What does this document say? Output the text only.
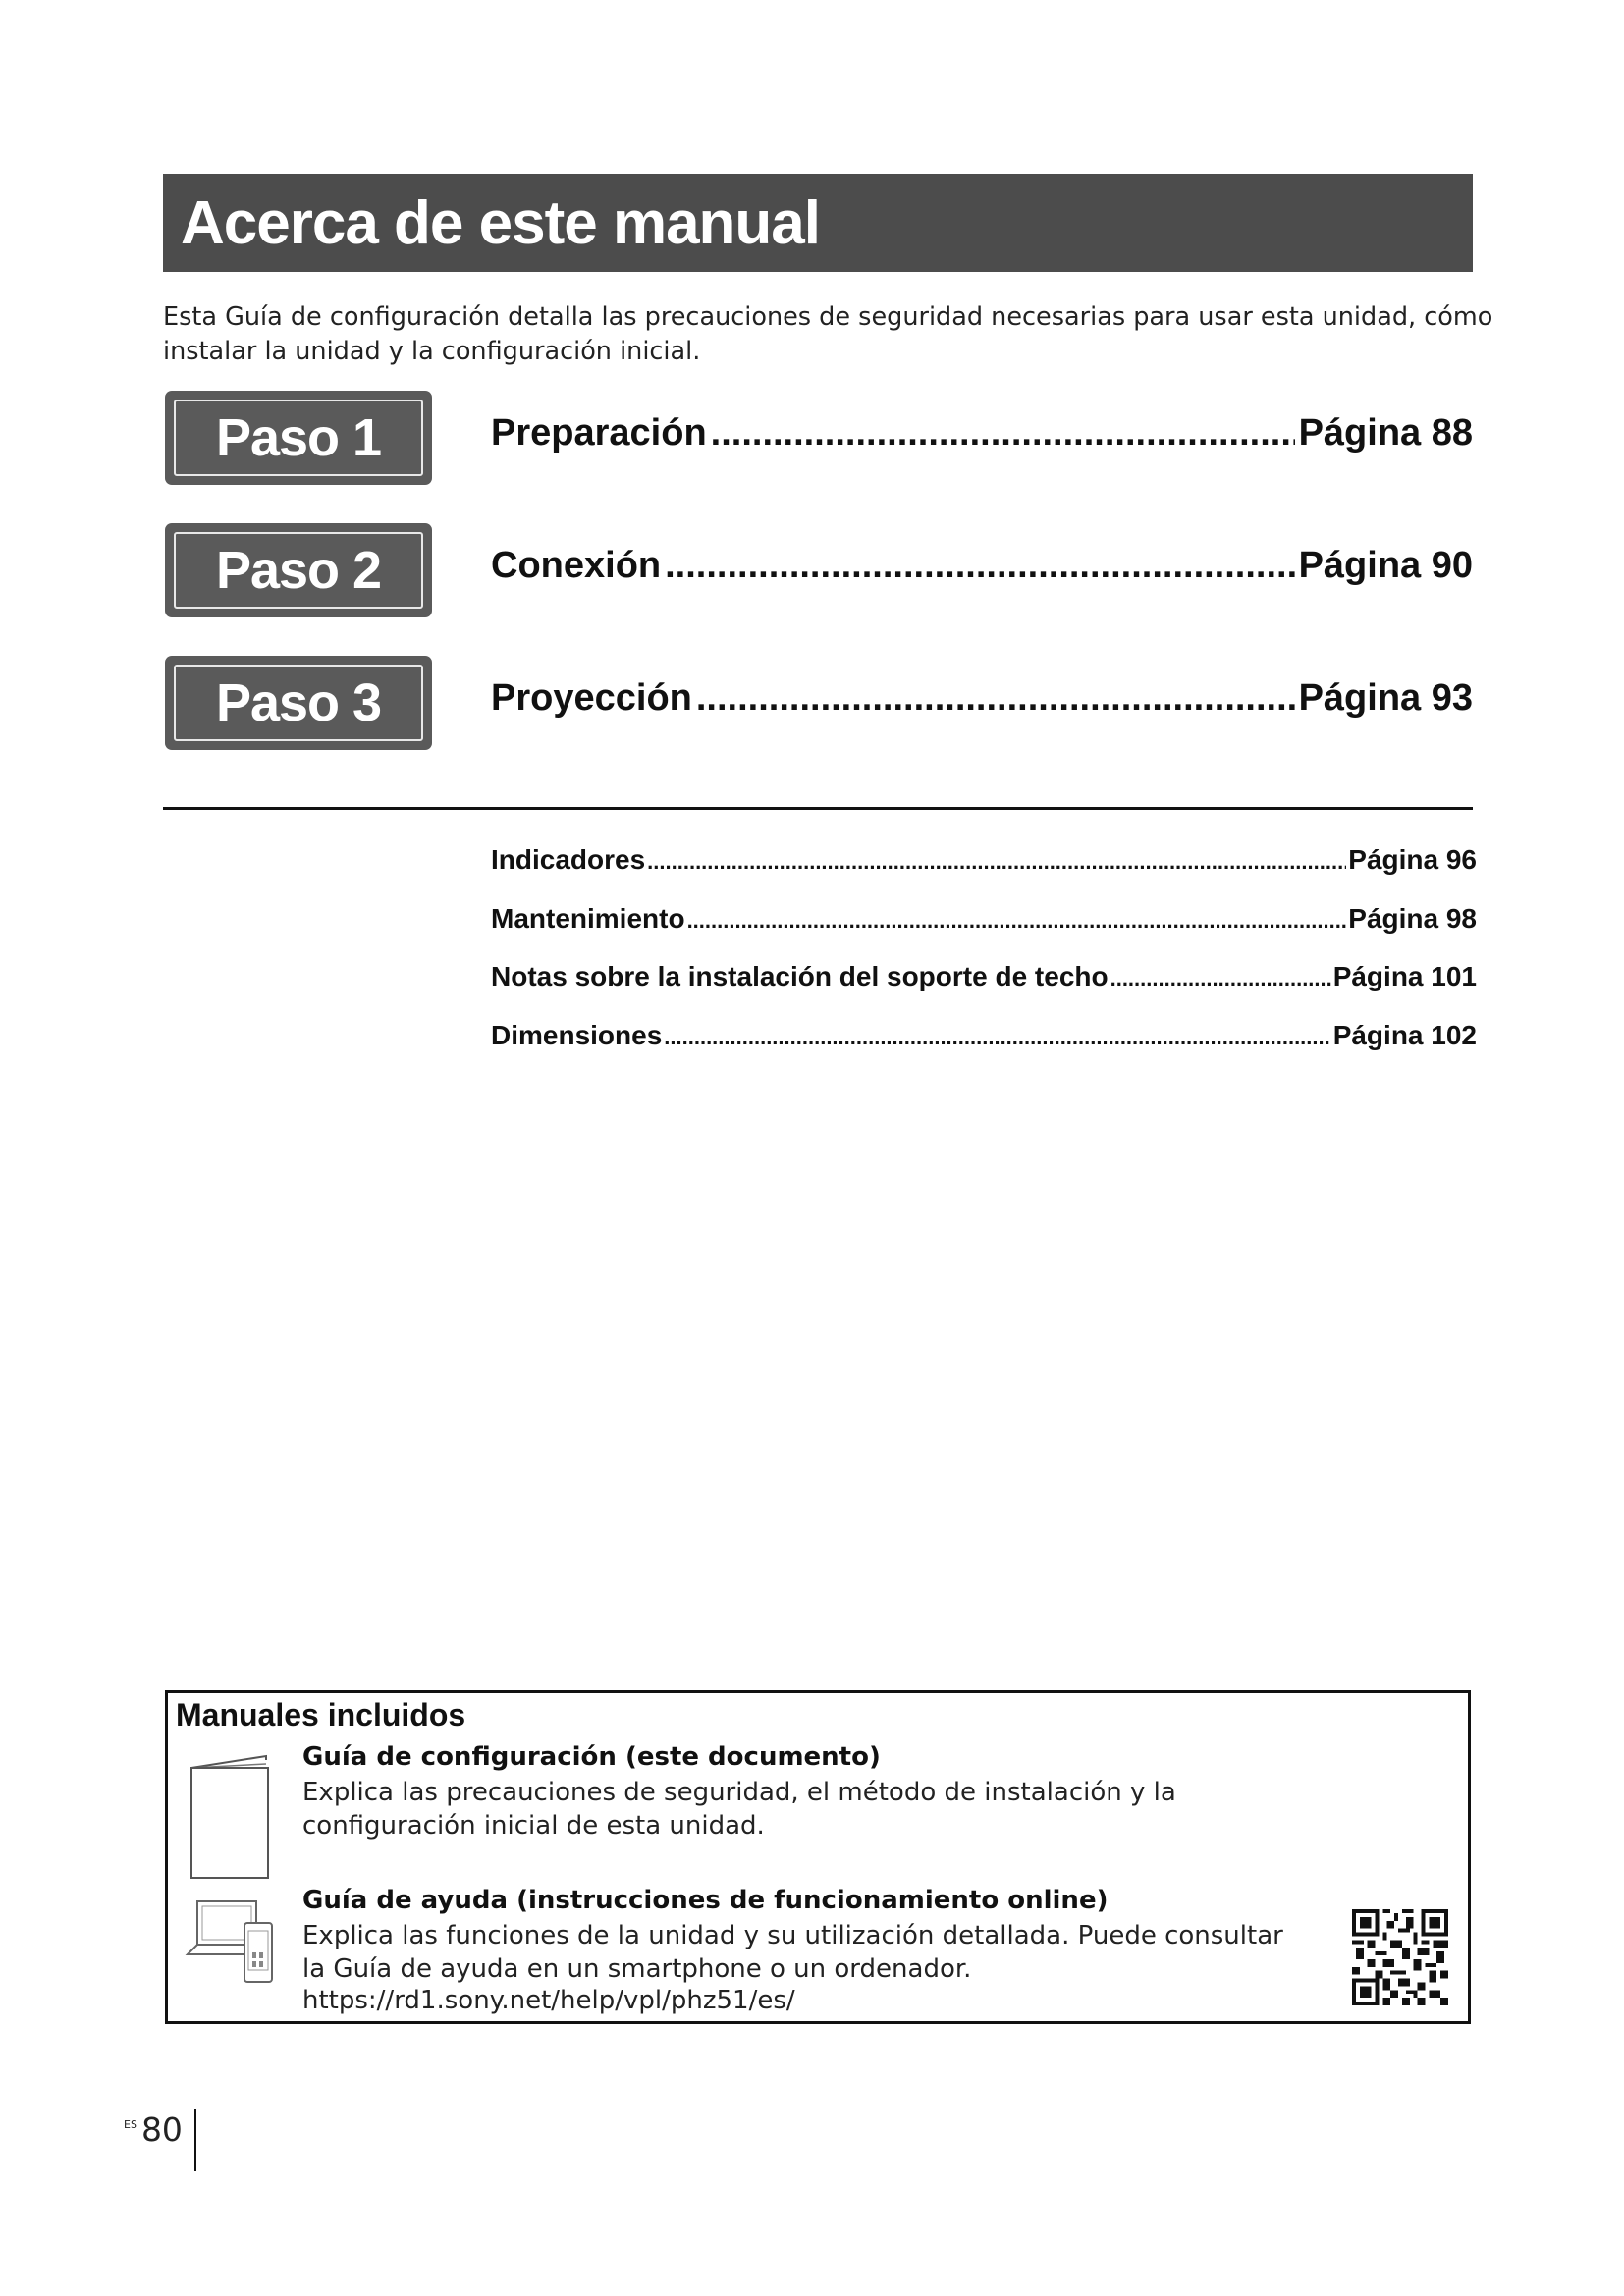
Acerca de este manual
Esta Guía de configuración detalla las precauciones de seguridad necesarias para usar esta unidad, cómo instalar la unidad y la configuración inicial.
Paso 1	Preparación .....	Página 88
Paso 2	Conexión .....	Página 90
Paso 3	Proyección .....	Página 93
Indicadores .....	Página 96
Mantenimiento .....	Página 98
Notas sobre la instalación del soporte de techo .....	Página 101
Dimensiones .....	Página 102
Manuales incluidos
Guía de configuración (este documento)
Explica las precauciones de seguridad, el método de instalación y la configuración inicial de esta unidad.
Guía de ayuda (instrucciones de funcionamiento online)
Explica las funciones de la unidad y su utilización detallada. Puede consultar la Guía de ayuda en un smartphone o un ordenador.
https://rd1.sony.net/help/vpl/phz51/es/
ES 80
